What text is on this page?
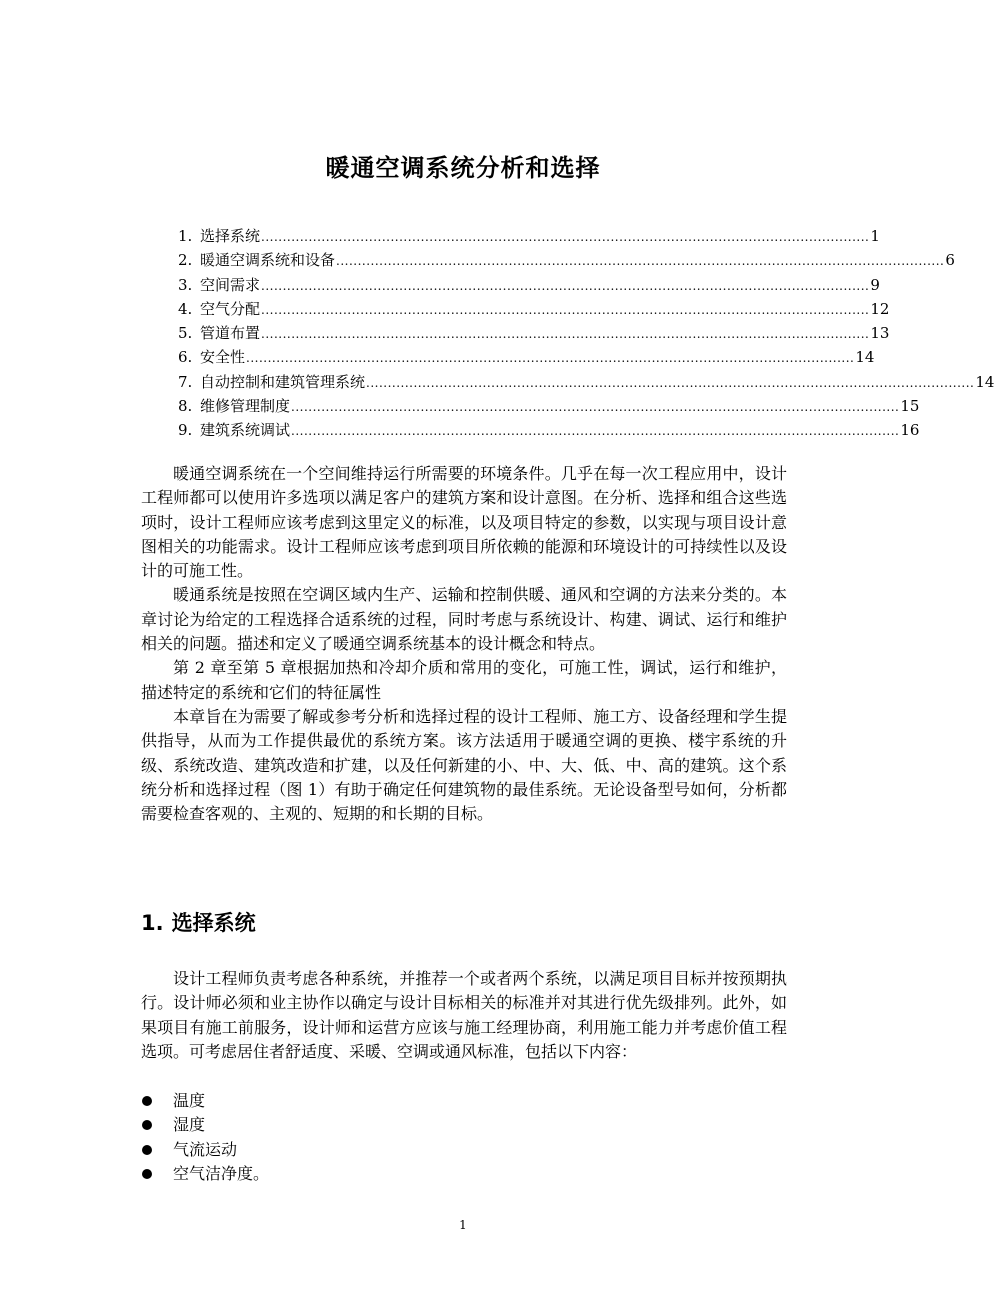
暖通空调系统分析和选择
1. 选择系统 ............................................................................................................................................. 1
2. 暖通空调系统和设备 ............................................................................................................................................. 6
3. 空间需求 ............................................................................................................................................. 9
4. 空气分配 ............................................................................................................................................. 12
5. 管道布置 ............................................................................................................................................. 13
6. 安全性 ............................................................................................................................................. 14
7. 自动控制和建筑管理系统 ............................................................................................................................................. 14
8. 维修管理制度 ............................................................................................................................................. 15
9. 建筑系统调试 ............................................................................................................................................. 16

暖通空调系统在一个空间维持运行所需要的环境条件。几乎在每一次工程应用中，设计工程师都可以使用许多选项以满足客户的建筑方案和设计意图。在分析、选择和组合这些选项时，设计工程师应该考虑到这里定义的标准，以及项目特定的参数，以实现与项目设计意图相关的功能需求。设计工程师应该考虑到项目所依赖的能源和环境设计的可持续性以及设计的可施工性。

暖通系统是按照在空调区域内生产、运输和控制供暖、通风和空调的方法来分类的。本章讨论为给定的工程选择合适系统的过程，同时考虑与系统设计、构建、调试、运行和维护相关的问题。描述和定义了暖通空调系统基本的设计概念和特点。

第 2 章至第 5 章根据加热和冷却介质和常用的变化，可施工性，调试，运行和维护，描述特定的系统和它们的特征属性

本章旨在为需要了解或参考分析和选择过程的设计工程师、施工方、设备经理和学生提供指导，从而为工作提供最优的系统方案。该方法适用于暖通空调的更换、楼宇系统的升级、系统改造、建筑改造和扩建，以及任何新建的小、中、大、低、中、高的建筑。这个系统分析和选择过程（图 1）有助于确定任何建筑物的最佳系统。无论设备型号如何，分析都需要检查客观的、主观的、短期的和长期的目标。

1. 选择系统

设计工程师负责考虑各种系统，并推荐一个或者两个系统，以满足项目目标并按预期执行。设计师必须和业主协作以确定与设计目标相关的标准并对其进行优先级排列。此外，如果项目有施工前服务，设计师和运营方应该与施工经理协商，利用施工能力并考虑价值工程选项。可考虑居住者舒适度、采暖、空调或通风标准，包括以下内容：

温度
湿度
气流运动
空气洁净度。
1
